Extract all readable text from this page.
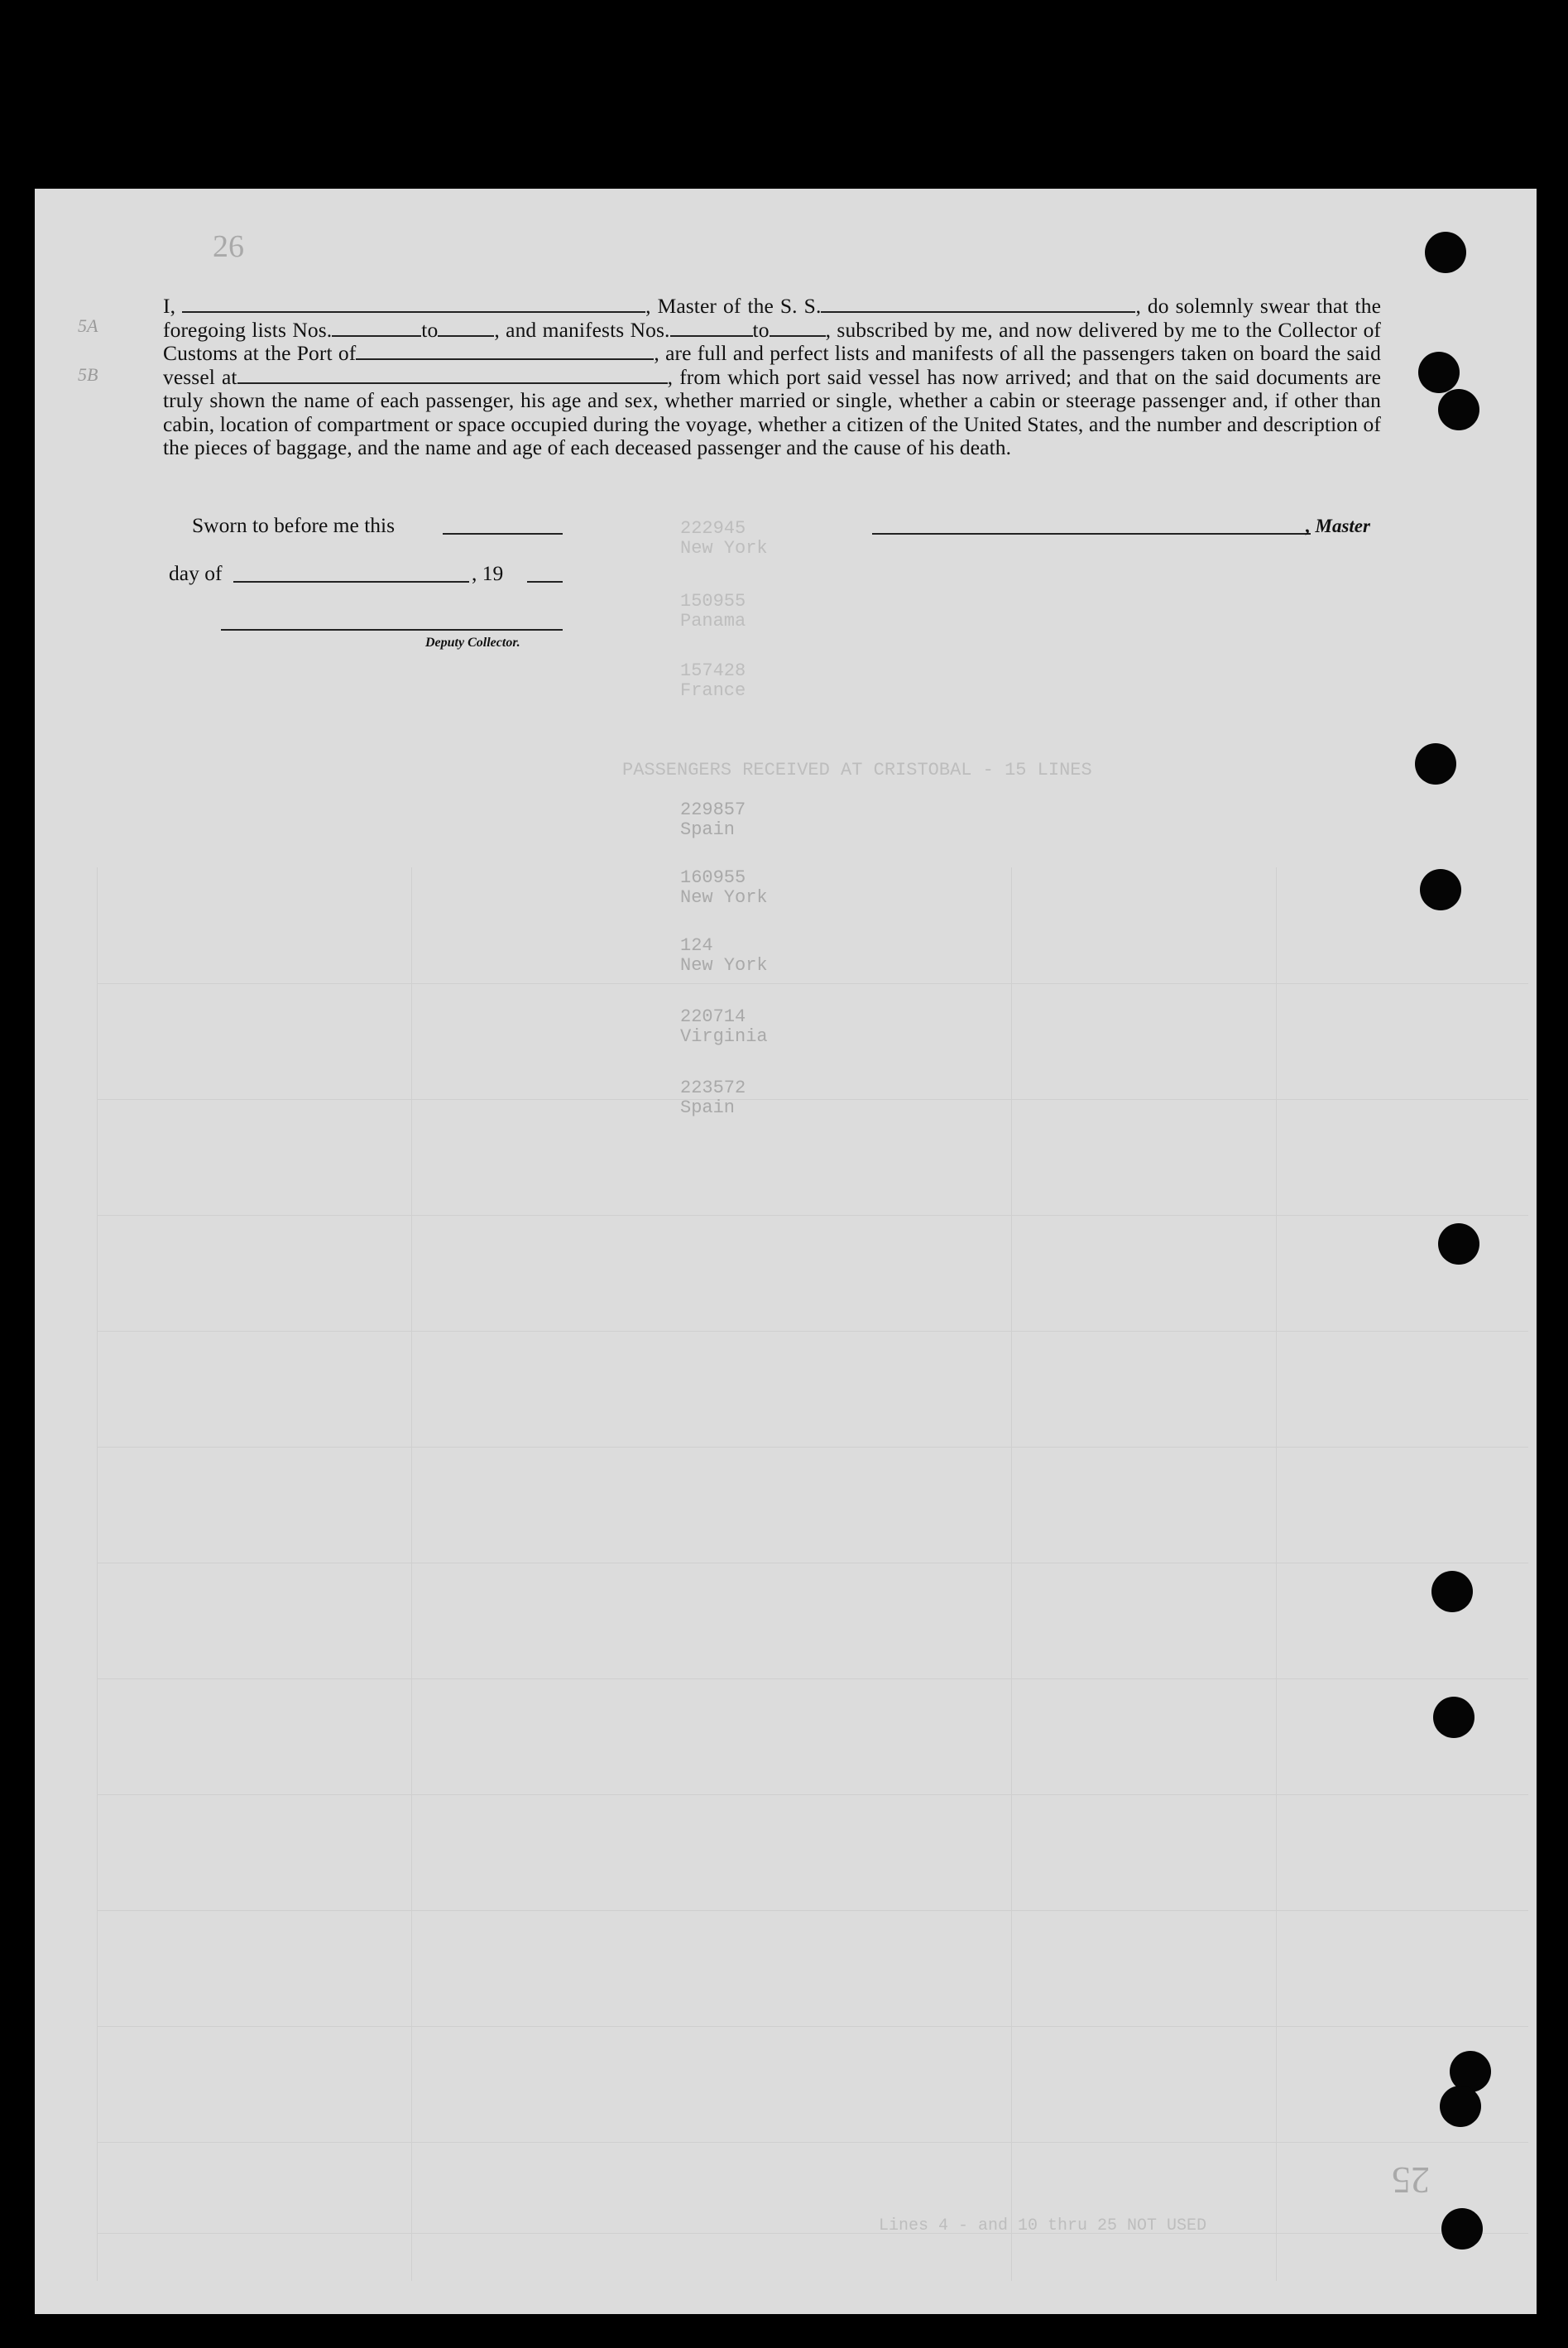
26
5A
5B
I,	, Master of the S. S.	, do solemnly swear that the foregoing lists Nos.	to	, and manifests Nos.	to	, subscribed by me, and now delivered by me to the Collector of Customs at the Port of	, are full and perfect lists and manifests of all the passengers taken on board the said vessel at	, from which port said vessel has now arrived; and that on the said documents are truly shown the name of each passenger, his age and sex, whether married or single, whether a cabin or steerage passenger and, if other than cabin, location of compartment or space occupied during the voyage, whether a citizen of the United States, and the number and description of the pieces of baggage, and the name and age of each deceased passenger and the cause of his death.
Sworn to before me this
day of	, 19
Deputy Collector.
, Master
PASSENGERS RECEIVED AT CRISTOBAL - 15 LINES
222945
New York
150955
Panama
157428
France
229857
Spain
160955
New York
124
New York
220714
Virginia
223572
Spain
Lines 4 - and 10 thru 25 NOT USED
25
